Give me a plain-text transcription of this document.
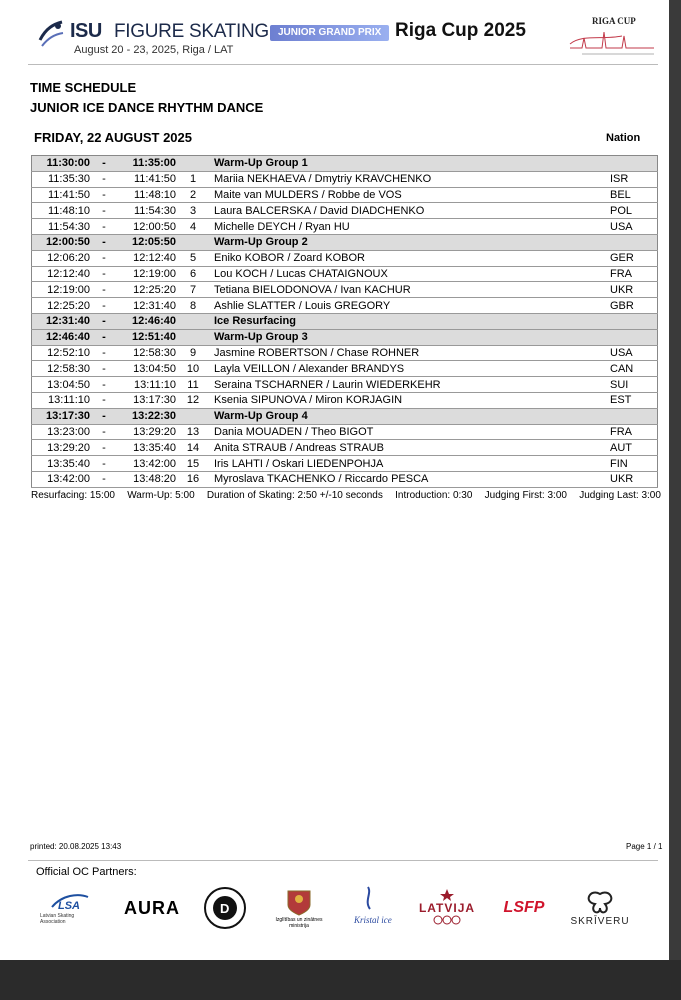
ISU FIGURE SKATING JUNIOR GRAND PRIX Riga Cup 2025
August 20 - 23, 2025, Riga / LAT
RIGA CUP
TIME SCHEDULE
JUNIOR ICE DANCE RHYTHM DANCE
FRIDAY, 22 AUGUST 2025	Nation
11:30:00	-	11:35:00		Warm-Up Group 1	
11:35:30	-	11:41:50	1	Mariia NEKHAEVA / Dmytriy KRAVCHENKO	ISR
11:41:50	-	11:48:10	2	Maite van MULDERS / Robbe de VOS	BEL
11:48:10	-	11:54:30	3	Laura BALCERSKA / David DIADCHENKO	POL
11:54:30	-	12:00:50	4	Michelle DEYCH / Ryan HU	USA
12:00:50	-	12:05:50		Warm-Up Group 2	
12:06:20	-	12:12:40	5	Eniko KOBOR / Zoard KOBOR	GER
12:12:40	-	12:19:00	6	Lou KOCH / Lucas CHATAIGNOUX	FRA
12:19:00	-	12:25:20	7	Tetiana BIELODONOVA / Ivan KACHUR	UKR
12:25:20	-	12:31:40	8	Ashlie SLATTER / Louis GREGORY	GBR
12:31:40	-	12:46:40		Ice Resurfacing	
12:46:40	-	12:51:40		Warm-Up Group 3	
12:52:10	-	12:58:30	9	Jasmine ROBERTSON / Chase ROHNER	USA
12:58:30	-	13:04:50	10	Layla VEILLON / Alexander BRANDYS	CAN
13:04:50	-	13:11:10	11	Seraina TSCHARNER / Laurin WIEDERKEHR	SUI
13:11:10	-	13:17:30	12	Ksenia SIPUNOVA / Miron KORJAGIN	EST
13:17:30	-	13:22:30		Warm-Up Group 4	
13:23:00	-	13:29:20	13	Dania MOUADEN / Theo BIGOT	FRA
13:29:20	-	13:35:40	14	Anita STRAUB / Andreas STRAUB	AUT
13:35:40	-	13:42:00	15	Iris LAHTI / Oskari LIEDENPOHJA	FIN
13:42:00	-	13:48:20	16	Myroslava TKACHENKO / Riccardo PESCA	UKR
Resurfacing: 15:00 Warm-Up: 5:00 Duration of Skating: 2:50 +/-10 seconds Introduction: 0:30 Judging First: 3:00 Judging Last: 3:00
printed: 20.08.2025 13:43	Page 1 / 1
Official OC Partners:
LSA
Latvian Skating Association
AURA	D
Izglītības un zinātnes ministrija
Kristal ice
LATVIJA LSFP
SKRĪVERU
